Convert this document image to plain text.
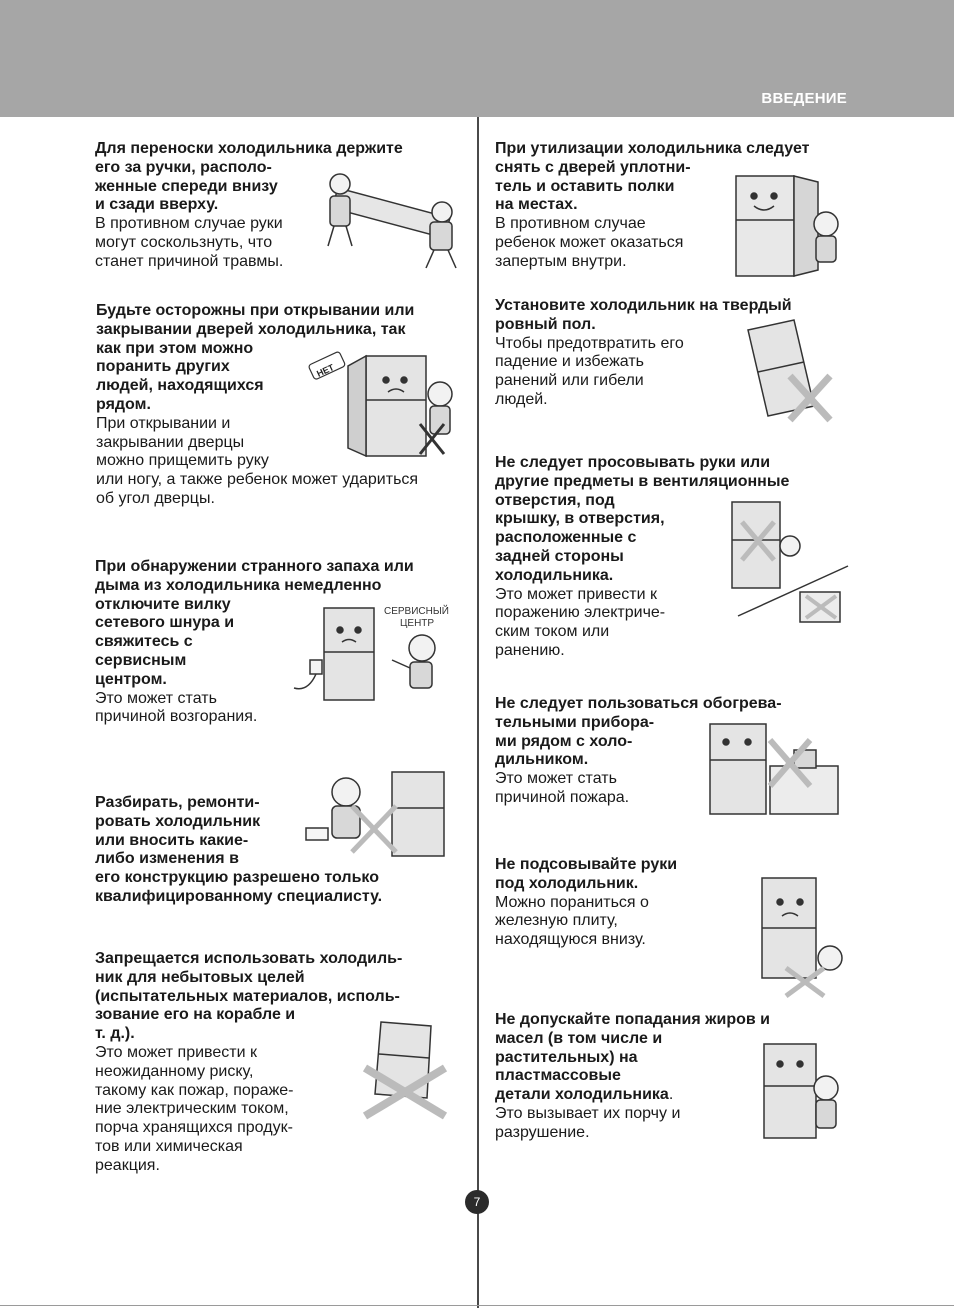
ВВЕДЕНИЕ

Для переноски холодильника держите
его за ручки, располо-
женные спереди внизу
и сзади вверху.

В противном случае руки
могут соскользнуть, что
станет причиной травмы.

Будьте осторожны при открывании или
закрывании дверей холодильника, так
как при этом можно
поранить других
людей, находящихся
рядом.

При открывании и
закрывании дверцы
можно прищемить руку
или ногу, а также ребенок может удариться
об угол дверцы.

При обнаружении странного запаха или
дыма из холодильника немедленно
отключите вилку
сетевого шнура и
свяжитесь с
сервисным
центром.

Это может стать
причиной возгорания.

Разбирать, ремонти-
ровать холодильник
или вносить какие-
либо изменения в
его конструкцию разрешено только
квалифицированному специалисту.

Запрещается использовать холодиль-
ник для небытовых целей
(испытательных материалов, исполь-
зование его на корабле и
т. д.).

Это может привести к
неожиданному риску,
такому как пожар, пораже-
ние электрическим током,
порча хранящихся продук-
тов или химическая
реакция.

При утилизации холодильника следует
снять с дверей уплотни-
тель и оставить полки
на местах.

В противном случае
ребенок может оказаться
запертым внутри.

Установите холодильник на твердый
ровный пол.

Чтобы предотвратить его
падение и избежать
ранений или гибели
людей.

Не следует просовывать руки или
другие предметы в вентиляционные
отверстия, под
крышку, в отверстия,
расположенные с
задней стороны
холодильника.

Это может привести к
поражению электриче-
ским током или
ранению.

Не следует пользоваться обогрева-
тельными прибора-
ми рядом с холо-
дильником.

Это может стать
причиной пожара.

Не подсовывайте руки
под холодильник.

Можно пораниться о
железную плиту,
находящуюся внизу.

Не допускайте попадания жиров и
масел (в том числе и
растительных) на
пластмассовые
детали холодильника.

Это вызывает их порчу и
разрушение.

НЕТ
СЕРВИСНЫЙ
ЦЕНТР
7
